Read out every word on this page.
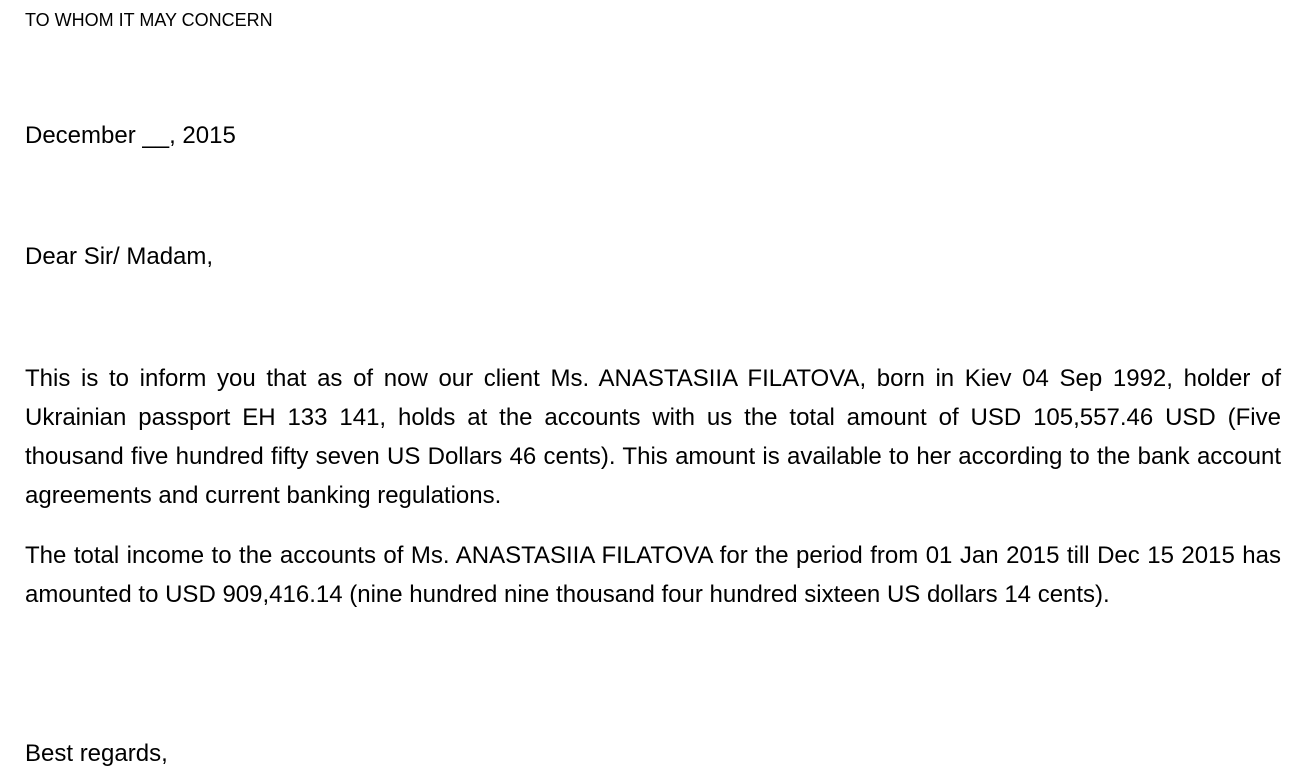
TO WHOM IT MAY CONCERN
December __, 2015
Dear Sir/ Madam,

This is to inform you that as of now our client Ms. ANASTASIIA FILATOVA, born in Kiev 04 Sep 1992, holder of Ukrainian passport EH 133 141, holds at the accounts with us the total amount of USD 105,557.46 USD (Five thousand five hundred fifty seven US Dollars 46 cents). This amount is available to her according to the bank account agreements and current banking regulations.

The total income to the accounts of Ms. ANASTASIIA FILATOVA for the period from 01 Jan 2015 till Dec 15 2015 has amounted to USD 909,416.14 (nine hundred nine thousand four hundred sixteen US dollars 14 cents).

Best regards,
